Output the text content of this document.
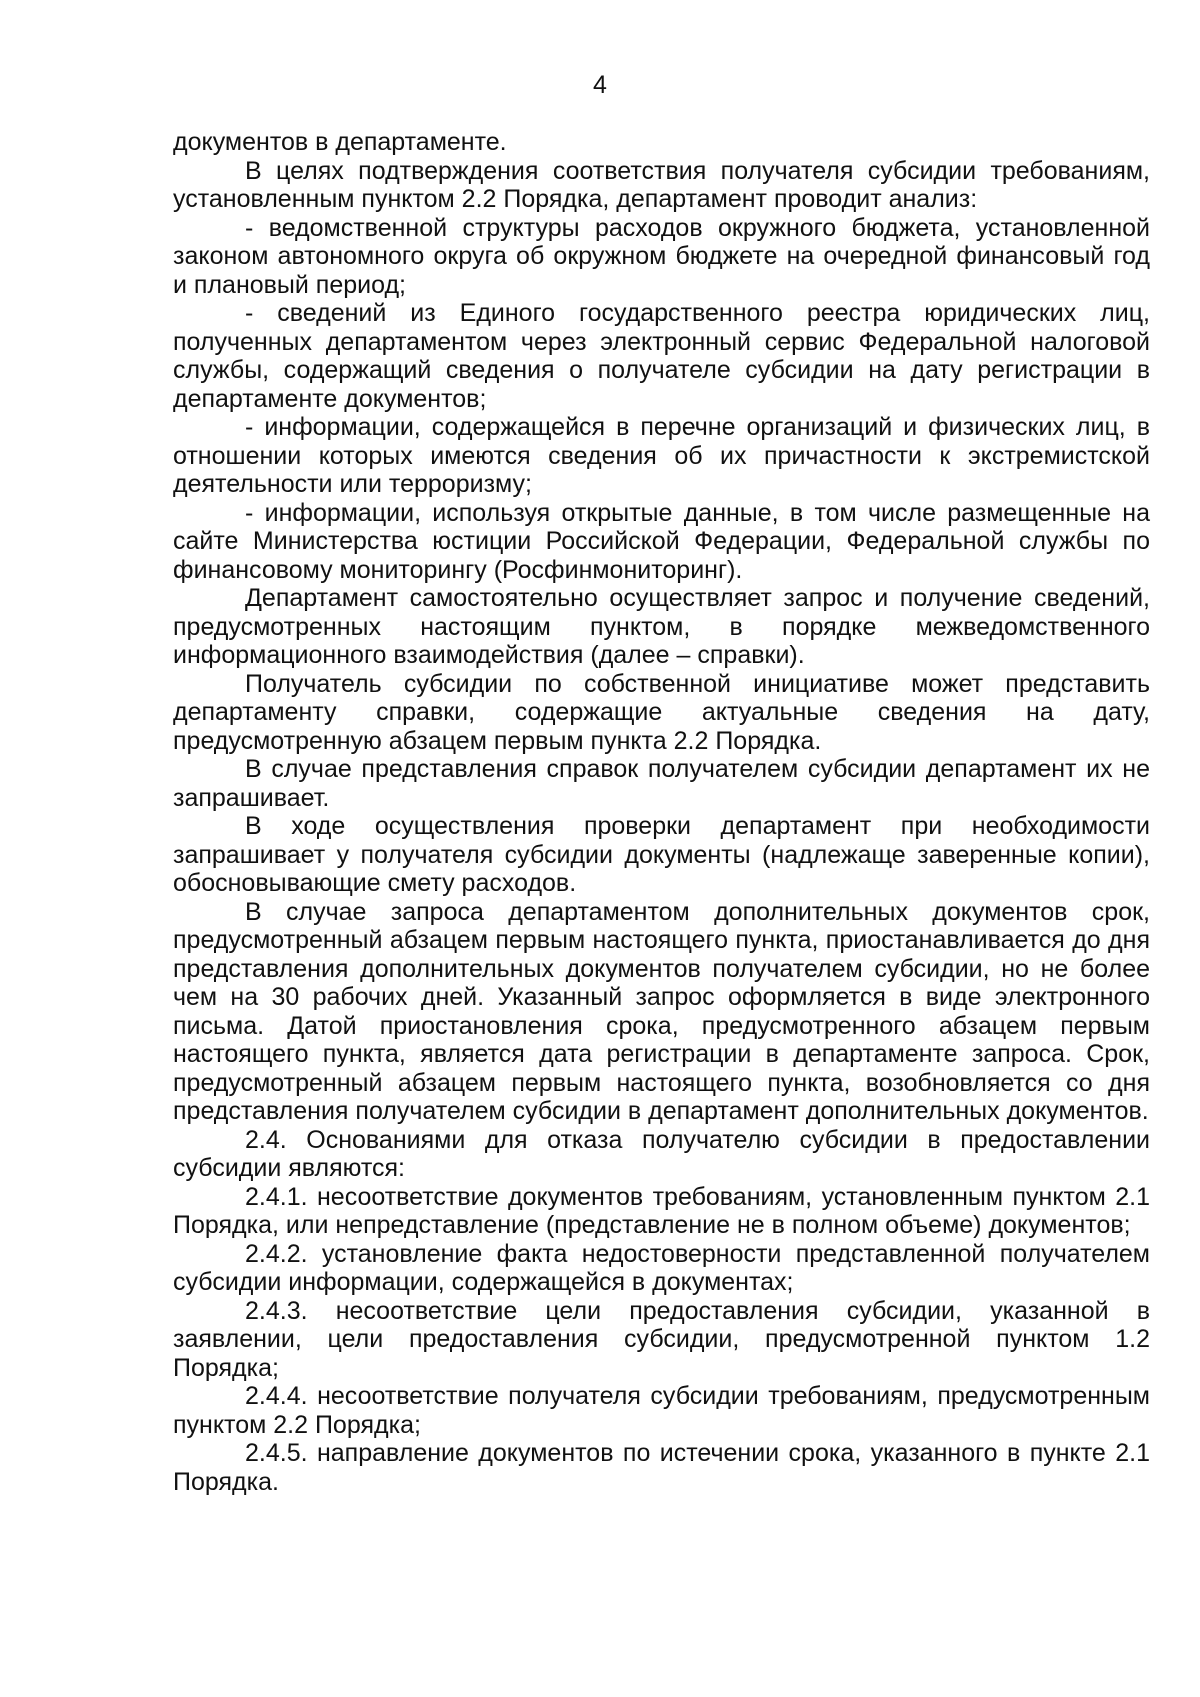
4

документов в департаменте.

В целях подтверждения соответствия получателя субсидии требованиям, установленным пунктом 2.2 Порядка, департамент проводит анализ:

- ведомственной структуры расходов окружного бюджета, установленной законом автономного округа об окружном бюджете на очередной финансовый год и плановый период;

- сведений из Единого государственного реестра юридических лиц, полученных департаментом через электронный сервис Федеральной налоговой службы, содержащий сведения о получателе субсидии на дату регистрации в департаменте документов;

- информации, содержащейся в перечне организаций и физических лиц, в отношении которых имеются сведения об их причастности к экстремистской деятельности или терроризму;

- информации, используя открытые данные, в том числе размещенные на сайте Министерства юстиции Российской Федерации, Федеральной службы по финансовому мониторингу (Росфинмониторинг).

Департамент самостоятельно осуществляет запрос и получение сведений, предусмотренных настоящим пунктом, в порядке межведомственного информационного взаимодействия (далее – справки).

Получатель субсидии по собственной инициативе может представить департаменту справки, содержащие актуальные сведения на дату, предусмотренную абзацем первым пункта 2.2 Порядка.

В случае представления справок получателем субсидии департамент их не запрашивает.

В ходе осуществления проверки департамент при необходимости запрашивает у получателя субсидии документы (надлежаще заверенные копии), обосновывающие смету расходов.

В случае запроса департаментом дополнительных документов срок, предусмотренный абзацем первым настоящего пункта, приостанавливается до дня представления дополнительных документов получателем субсидии, но не более чем на 30 рабочих дней. Указанный запрос оформляется в виде электронного письма. Датой приостановления срока, предусмотренного абзацем первым настоящего пункта, является дата регистрации в департаменте запроса. Срок, предусмотренный абзацем первым настоящего пункта, возобновляется со дня представления получателем субсидии в департамент дополнительных документов.

2.4. Основаниями для отказа получателю субсидии в предоставлении субсидии являются:

2.4.1. несоответствие документов требованиям, установленным пунктом 2.1 Порядка, или непредставление (представление не в полном объеме) документов;

2.4.2. установление факта недостоверности представленной получателем субсидии информации, содержащейся в документах;

2.4.3. несоответствие цели предоставления субсидии, указанной в заявлении, цели предоставления субсидии, предусмотренной пунктом 1.2 Порядка;

2.4.4. несоответствие получателя субсидии требованиям, предусмотренным пунктом 2.2 Порядка;

2.4.5. направление документов по истечении срока, указанного в пункте 2.1 Порядка.
